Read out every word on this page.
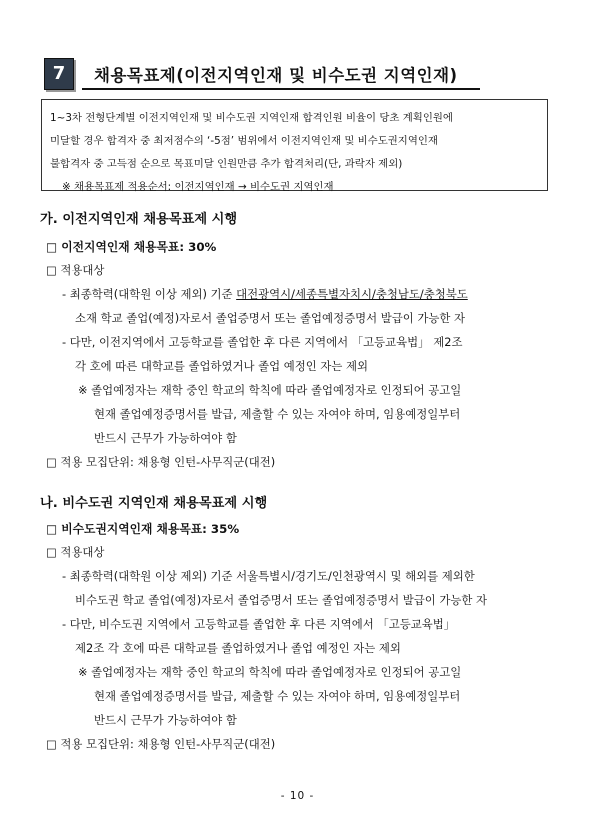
7	채용목표제(이전지역인재 및 비수도권 지역인재)

1~3차 전형단계별 이전지역인재 및 비수도권 지역인재 합격인원 비율이 당초 계획인원에

미달할 경우 합격자 중 최저점수의 ‘-5점’ 범위에서 이전지역인재 및 비수도권지역인재

불합격자 중 고득점 순으로 목표미달 인원만큼 추가 합격처리(단, 과락자 제외)

※ 채용목표제 적용순서: 이전지역인재 → 비수도권 지역인재

가. 이전지역인재 채용목표제 시행
□ 이전지역인재 채용목표: 30%
□ 적용대상
- 최종학력(대학원 이상 제외) 기준 대전광역시/세종특별자치시/충청남도/충청북도
소재 학교 졸업(예정)자로서 졸업증명서 또는 졸업예정증명서 발급이 가능한 자
- 다만, 이전지역에서 고등학교를 졸업한 후 다른 지역에서 「고등교육법」 제2조
각 호에 따른 대학교를 졸업하였거나 졸업 예정인 자는 제외
※ 졸업예정자는 재학 중인 학교의 학칙에 따라 졸업예정자로 인정되어 공고일
현재 졸업예정증명서를 발급, 제출할 수 있는 자여야 하며, 임용예정일부터
반드시 근무가 가능하여야 함
□ 적용 모집단위: 채용형 인턴-사무직군(대전)
나. 비수도권 지역인재 채용목표제 시행
□ 비수도권지역인재 채용목표: 35%
□ 적용대상
- 최종학력(대학원 이상 제외) 기준 서울특별시/경기도/인천광역시 및 해외를 제외한
비수도권 학교 졸업(예정)자로서 졸업증명서 또는 졸업예정증명서 발급이 가능한 자
- 다만, 비수도권 지역에서 고등학교를 졸업한 후 다른 지역에서 「고등교육법」
제2조 각 호에 따른 대학교를 졸업하였거나 졸업 예정인 자는 제외
※ 졸업예정자는 재학 중인 학교의 학칙에 따라 졸업예정자로 인정되어 공고일
현재 졸업예정증명서를 발급, 제출할 수 있는 자여야 하며, 임용예정일부터
반드시 근무가 가능하여야 함
□ 적용 모집단위: 채용형 인턴-사무직군(대전)
- 10 -
